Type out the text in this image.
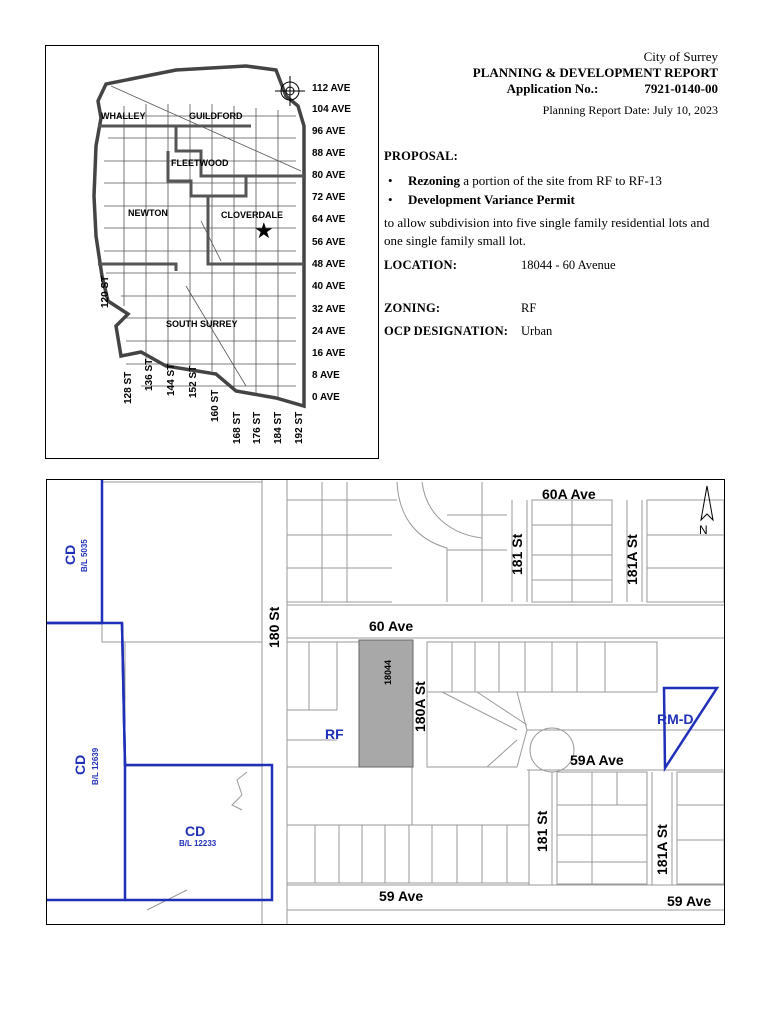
★
WHALLEY	GUILDFORD
FLEETWOOD
NEWTON	CLOVERDALE
SOUTH SURREY
112 AVE
104 AVE
96 AVE
88 AVE
80 AVE
72 AVE
64 AVE
56 AVE
48 AVE
40 AVE
32 AVE
24 AVE
16 AVE
8 AVE
0 AVE
120 ST
128 ST 136 ST 144 ST 152 ST
160 ST
168 ST 176 ST 184 ST 192 ST
City of Surrey
PLANNING & DEVELOPMENT REPORT
Application No.:	7921-0140-00
Planning Report Date: July 10, 2023
PROPOSAL:
• Rezoning a portion of the site from RF to RF-13
• Development Variance Permit
to allow subdivision into five single family residential lots and one single family small lot.
LOCATION:	18044 - 60 Avenue
ZONING:	RF
OCP DESIGNATION: Urban
18044
CD B/L 5035
CD B/L 12639
CD
B/L 12233
RF
RM-D
60A Ave
181 St	181A St
180 St	60 Ave
180A St
59A Ave
181 St	181A St
59 Ave	59 Ave
N
